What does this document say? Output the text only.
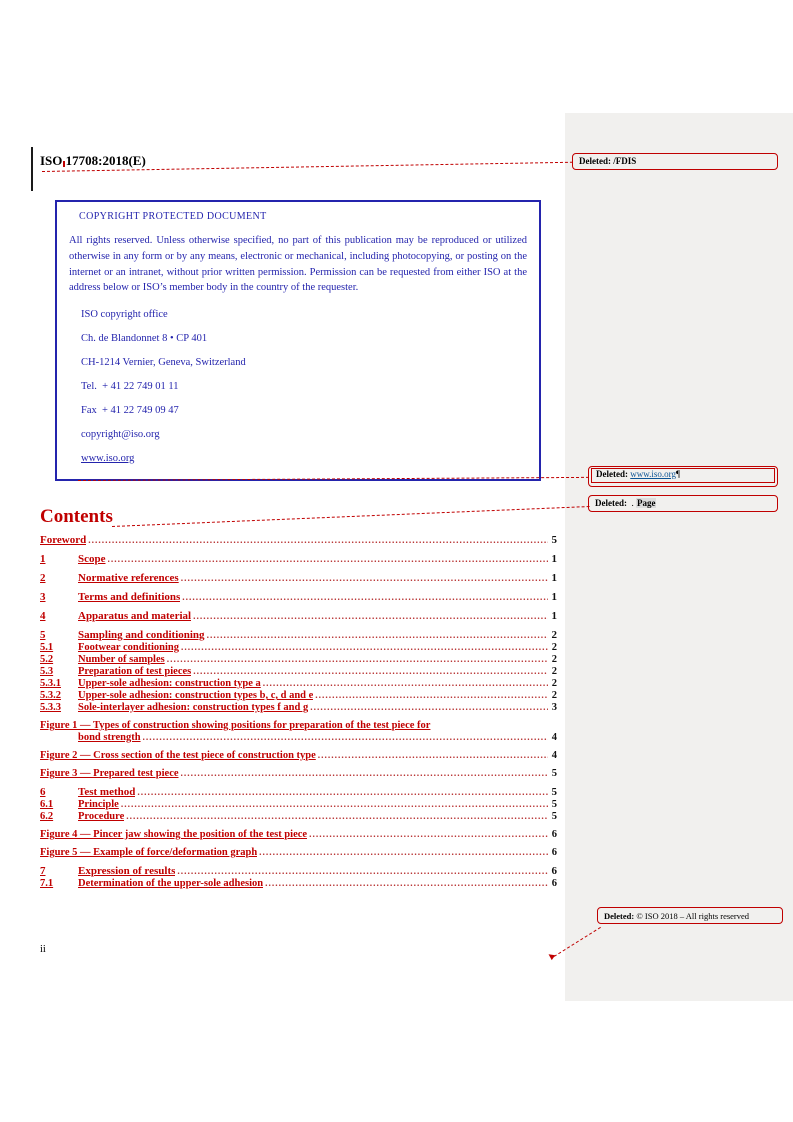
ISO 17708:2018(E)
COPYRIGHT PROTECTED DOCUMENT
All rights reserved. Unless otherwise specified, no part of this publication may be reproduced or utilized otherwise in any form or by any means, electronic or mechanical, including photocopying, or posting on the internet or an intranet, without prior written permission. Permission can be requested from either ISO at the address below or ISO’s member body in the country of the requester.
ISO copyright office
Ch. de Blandonnet 8 • CP 401
CH-1214 Vernier, Geneva, Switzerland
Tel.  + 41 22 749 01 11
Fax  + 41 22 749 09 47
copyright@iso.org
www.iso.org
Contents
Foreword .....	5
1	Scope .....	1
2	Normative references .....	1
3	Terms and definitions .....	1
4	Apparatus and material .....	1
5	Sampling and conditioning .....	2
5.1	Footwear conditioning .....	2
5.2	Number of samples .....	2
5.3	Preparation of test pieces .....	2
5.3.1	Upper-sole adhesion: construction type a .....	2
5.3.2	Upper-sole adhesion: construction types b, c, d and e .....	2
5.3.3	Sole-interlayer adhesion: construction types f and g .....	3
Figure 1 — Types of construction showing positions for preparation of the test piece for
bond strength .....	4
Figure 2 — Cross section of the test piece of construction type .....	4
Figure 3 — Prepared test piece .....	5
6	Test method .....	5
6.1	Principle .....	5
6.2	Procedure .....	5
Figure 4 — Pincer jaw showing the position of the test piece .....	6
Figure 5 — Example of force/deformation graph .....	6
7	Expression of results .....	6
7.1	Determination of the upper-sole adhesion .....	6
ii
Deleted: /FDIS
Deleted: www.iso.org¶
Deleted:  . Page
Deleted: © ISO 2018 – All rights reserved
